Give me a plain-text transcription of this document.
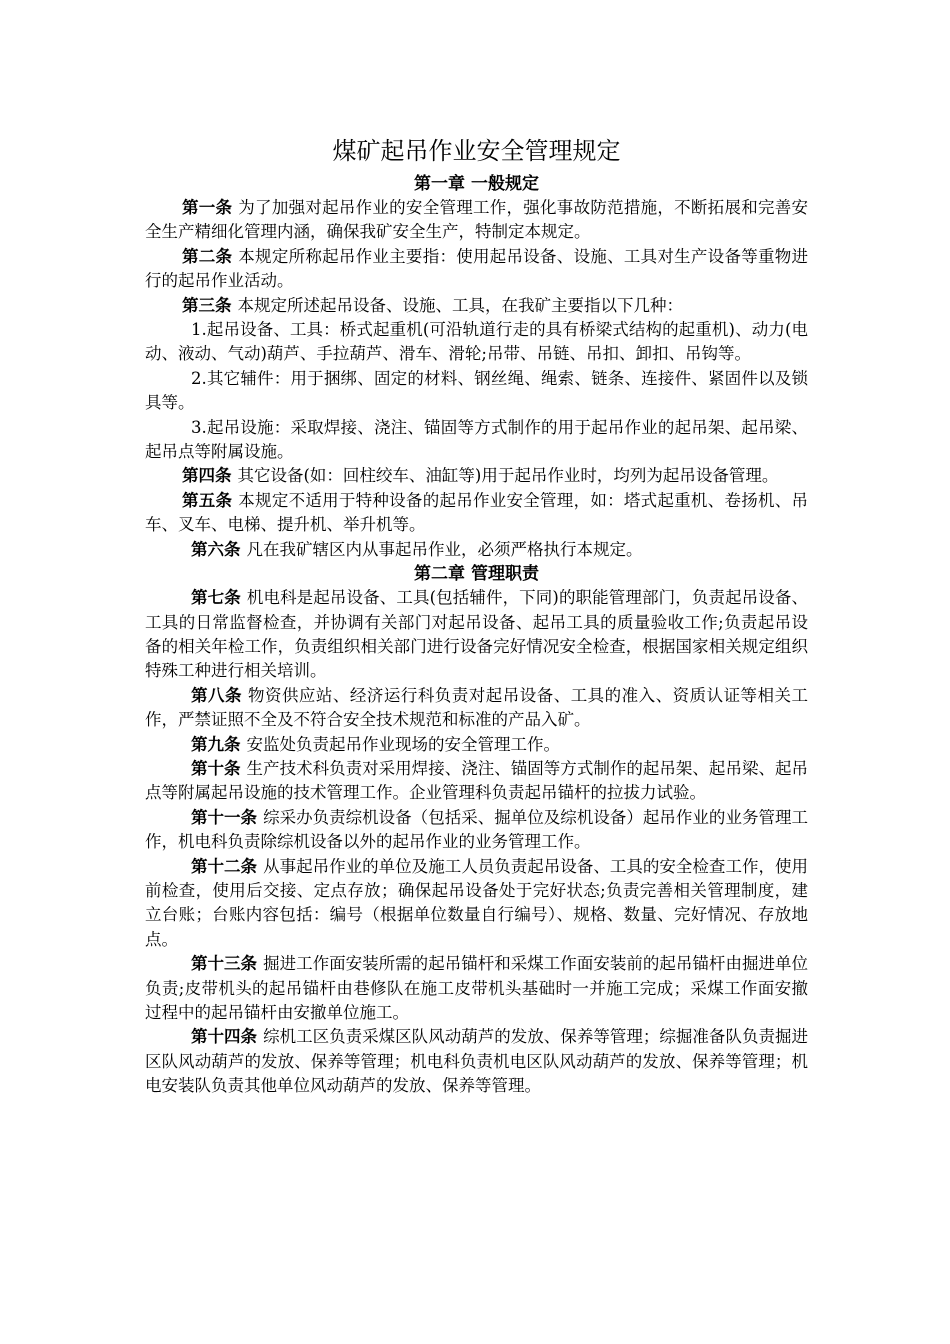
煤矿起吊作业安全管理规定
第一章 一般规定

第一条 为了加强对起吊作业的安全管理工作，强化事故防范措施，不断拓展和完善安全生产精细化管理内涵，确保我矿安全生产，特制定本规定。

第二条 本规定所称起吊作业主要指：使用起吊设备、设施、工具对生产设备等重物进行的起吊作业活动。

第三条 本规定所述起吊设备、设施、工具，在我矿主要指以下几种：

1.起吊设备、工具：桥式起重机(可沿轨道行走的具有桥梁式结构的起重机)、动力(电动、液动、气动)葫芦、手拉葫芦、滑车、滑轮;吊带、吊链、吊扣、卸扣、吊钩等。

2.其它辅件：用于捆绑、固定的材料、钢丝绳、绳索、链条、连接件、紧固件以及锁具等。

3.起吊设施：采取焊接、浇注、锚固等方式制作的用于起吊作业的起吊架、起吊梁、起吊点等附属设施。

第四条 其它设备(如：回柱绞车、油缸等)用于起吊作业时，均列为起吊设备管理。

第五条 本规定不适用于特种设备的起吊作业安全管理，如：塔式起重机、卷扬机、吊车、叉车、电梯、提升机、举升机等。

第六条 凡在我矿辖区内从事起吊作业，必须严格执行本规定。

第二章 管理职责

第七条 机电科是起吊设备、工具(包括辅件，下同)的职能管理部门，负责起吊设备、工具的日常监督检查，并协调有关部门对起吊设备、起吊工具的质量验收工作;负责起吊设备的相关年检工作，负责组织相关部门进行设备完好情况安全检查，根据国家相关规定组织特殊工种进行相关培训。

第八条 物资供应站、经济运行科负责对起吊设备、工具的准入、资质认证等相关工作，严禁证照不全及不符合安全技术规范和标准的产品入矿。

第九条 安监处负责起吊作业现场的安全管理工作。

第十条 生产技术科负责对采用焊接、浇注、锚固等方式制作的起吊架、起吊梁、起吊点等附属起吊设施的技术管理工作。企业管理科负责起吊锚杆的拉拔力试验。

第十一条 综采办负责综机设备（包括采、掘单位及综机设备）起吊作业的业务管理工作，机电科负责除综机设备以外的起吊作业的业务管理工作。

第十二条 从事起吊作业的单位及施工人员负责起吊设备、工具的安全检查工作，使用前检查，使用后交接、定点存放；确保起吊设备处于完好状态;负责完善相关管理制度，建立台账；台账内容包括：编号（根据单位数量自行编号）、规格、数量、完好情况、存放地点。

第十三条 掘进工作面安装所需的起吊锚杆和采煤工作面安装前的起吊锚杆由掘进单位负责;皮带机头的起吊锚杆由巷修队在施工皮带机头基础时一并施工完成；采煤工作面安撤过程中的起吊锚杆由安撤单位施工。

第十四条 综机工区负责采煤区队风动葫芦的发放、保养等管理；综掘准备队负责掘进区队风动葫芦的发放、保养等管理；机电科负责机电区队风动葫芦的发放、保养等管理；机电安装队负责其他单位风动葫芦的发放、保养等管理。
